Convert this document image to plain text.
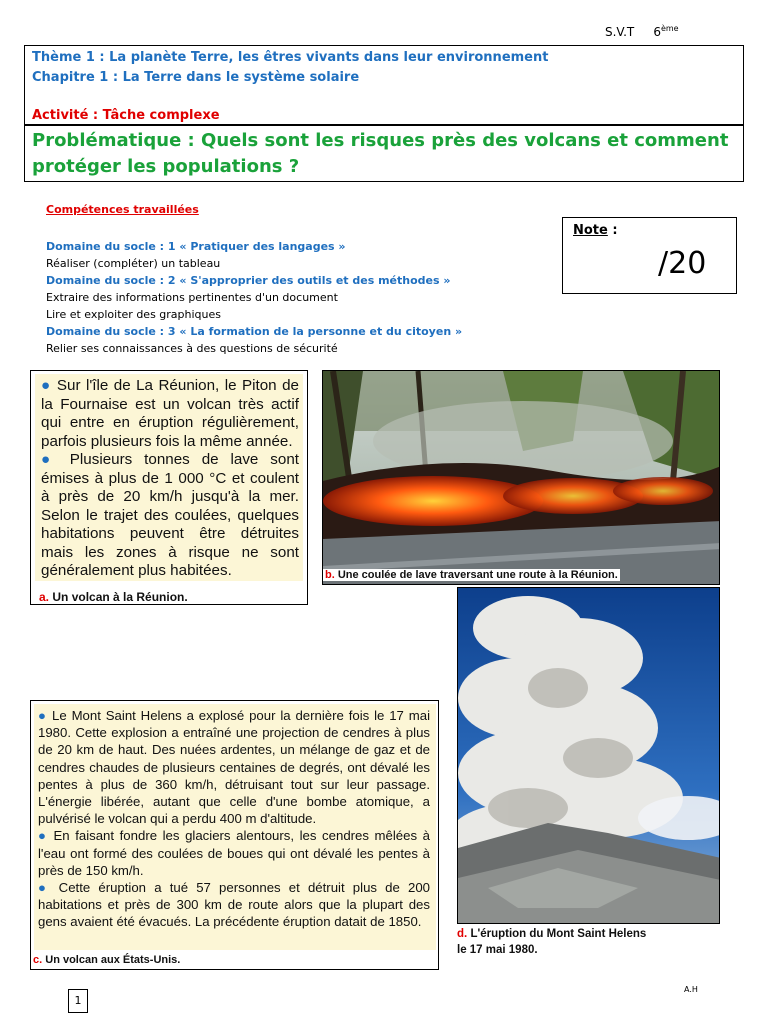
S.V.T 6ème
Thème 1 : La planète Terre, les êtres vivants dans leur environnement
Chapitre 1 : La Terre dans le système solaire
Activité : Tâche complexe
Problématique : Quels sont les risques près des volcans et comment
protéger les populations ?
Compétences travaillées
Domaine du socle : 1 « Pratiquer des langages »
Réaliser (compléter) un tableau
Domaine du socle : 2 « S'approprier des outils et des méthodes »
Extraire des informations pertinentes d'un document
Lire et exploiter des graphiques
Domaine du socle : 3 « La formation de la personne et du citoyen »
Relier ses connaissances à des questions de sécurité
Note :
/20
● Sur l'île de La Réunion, le Piton de la Fournaise est un volcan très actif qui entre en éruption régulièrement, parfois plusieurs fois la même année.
● Plusieurs tonnes de lave sont émises à plus de 1 000 °C et coulent à près de 20 km/h jusqu'à la mer. Selon le trajet des coulées, quelques habitations peuvent être détruites mais les zones à risque ne sont généralement plus habitées.
a. Un volcan à la Réunion.
b. Une coulée de lave traversant une route à la Réunion.
d. L'éruption du Mont Saint Helens
le 17 mai 1980.
● Le Mont Saint Helens a explosé pour la dernière fois le 17 mai 1980. Cette explosion a entraîné une projection de cendres à plus de 20 km de haut. Des nuées ardentes, un mélange de gaz et de cendres chaudes de plusieurs centaines de degrés, ont dévalé les pentes à plus de 360 km/h, détruisant tout sur leur passage. L'énergie libérée, autant que celle d'une bombe atomique, a pulvérisé le volcan qui a perdu 400 m d'altitude.
● En faisant fondre les glaciers alentours, les cendres mêlées à l'eau ont formé des coulées de boues qui ont dévalé les pentes à près de 150 km/h.
● Cette éruption a tué 57 personnes et détruit plus de 200 habitations et près de 300 km de route alors que la plupart des gens avaient été évacués. La précédente éruption datait de 1850.
c. Un volcan aux États-Unis.
1
A.H
